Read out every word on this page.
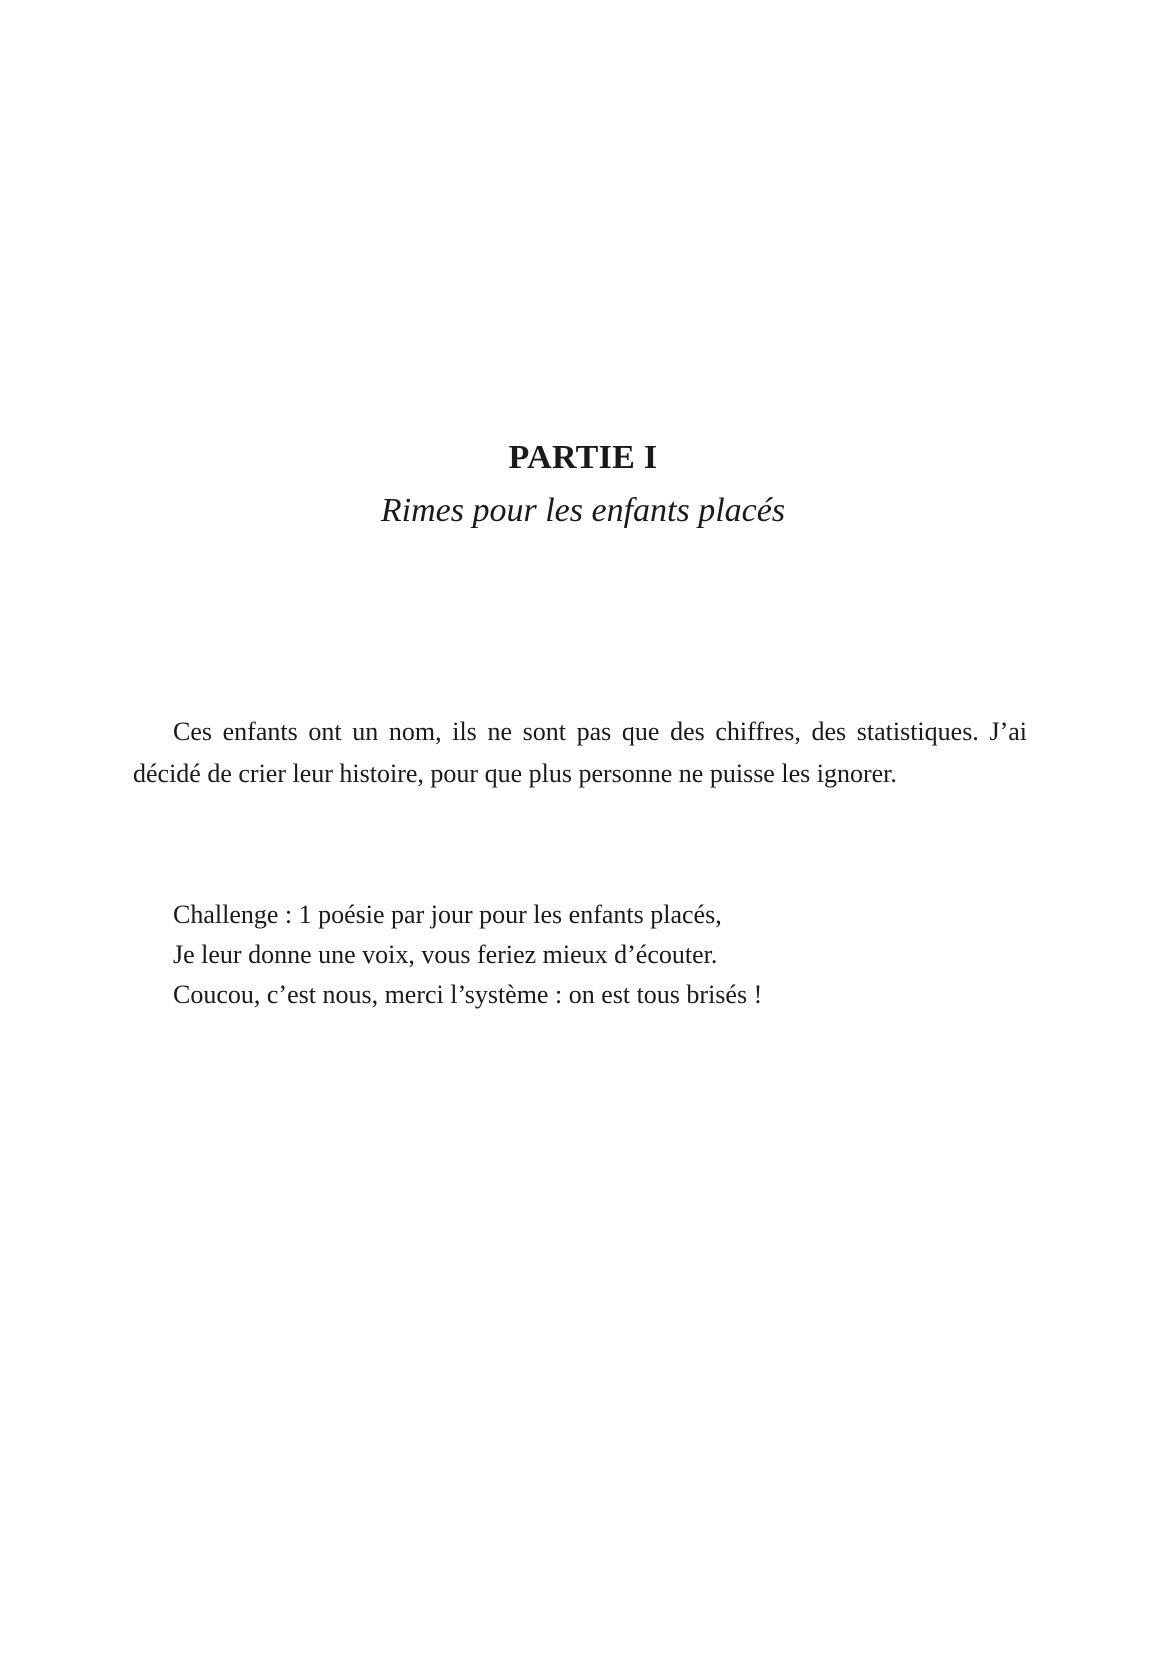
PARTIE I
Rimes pour les enfants placés

Ces enfants ont un nom, ils ne sont pas que des chiffres, des statistiques. J’ai décidé de crier leur histoire, pour que plus personne ne puisse les ignorer.

Challenge : 1 poésie par jour pour les enfants placés,
Je leur donne une voix, vous feriez mieux d’écouter.
Coucou, c’est nous, merci l’système : on est tous brisés !
